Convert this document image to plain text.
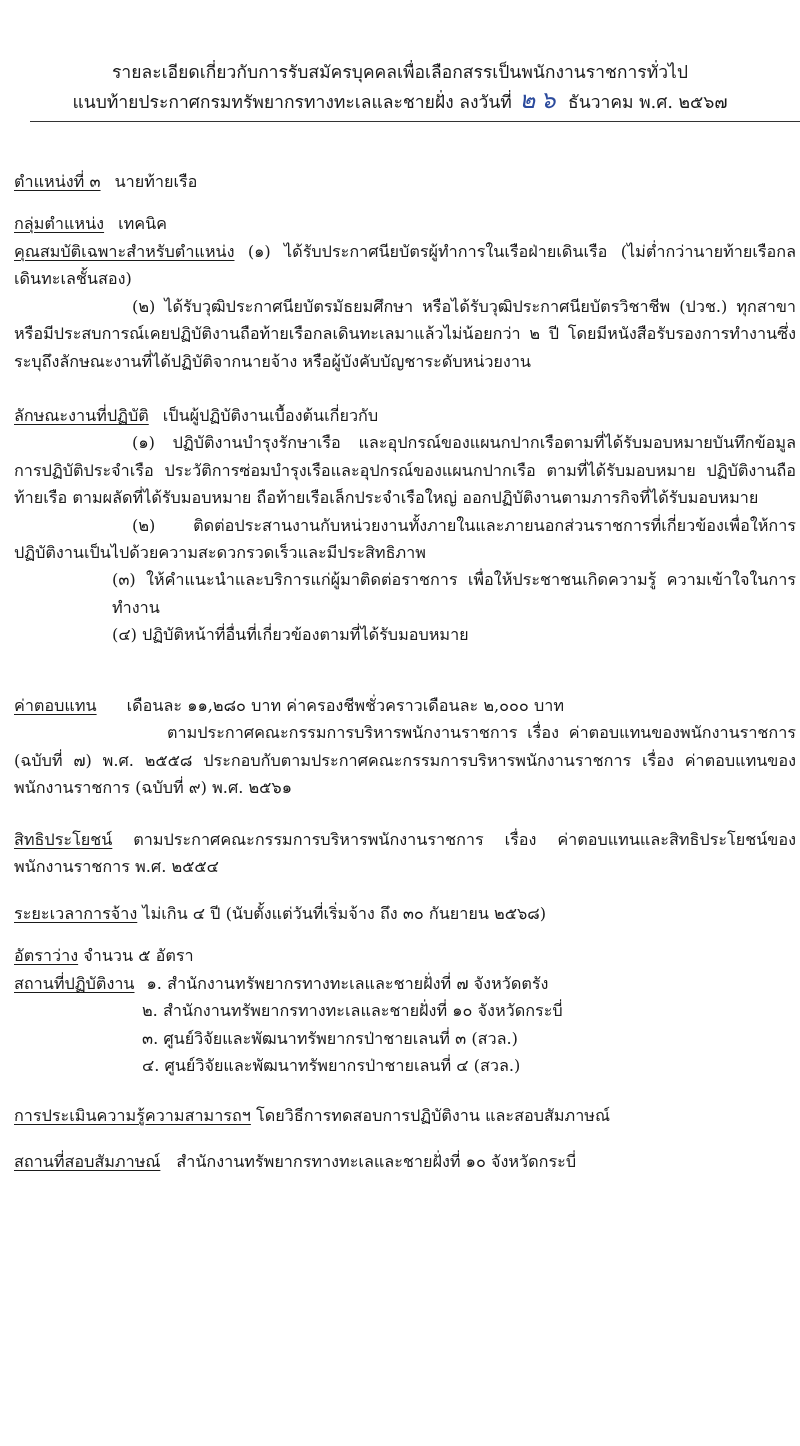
รายละเอียดเกี่ยวกับการรับสมัครบุคคลเพื่อเลือกสรรเป็นพนักงานราชการทั่วไป
แนบท้ายประกาศกรมทรัพยากรทางทะเลและชายฝั่ง ลงวันที่ ๒๖ ธันวาคม พ.ศ. ๒๕๖๗
ตำแหน่งที่ ๓ นายท้ายเรือ
กลุ่มตำแหน่ง เทคนิค

คุณสมบัติเฉพาะสำหรับตำแหน่ง (๑) ได้รับประกาศนียบัตรผู้ทำการในเรือฝ่ายเดินเรือ (ไม่ต่ำกว่านายท้ายเรือกลเดินทะเลชั้นสอง)

(๒) ได้รับวุฒิประกาศนียบัตรมัธยมศึกษา หรือได้รับวุฒิประกาศนียบัตรวิชาชีพ (ปวช.) ทุกสาขา หรือมีประสบการณ์เคยปฏิบัติงานถือท้ายเรือกลเดินทะเลมาแล้วไม่น้อยกว่า ๒ ปี โดยมีหนังสือรับรองการทำงานซึ่งระบุถึงลักษณะงานที่ได้ปฏิบัติจากนายจ้าง หรือผู้บังคับบัญชาระดับหน่วยงาน

ลักษณะงานที่ปฏิบัติ เป็นผู้ปฏิบัติงานเบื้องต้นเกี่ยวกับ

(๑) ปฏิบัติงานบำรุงรักษาเรือ และอุปกรณ์ของแผนกปากเรือตามที่ได้รับมอบหมายบันทึกข้อมูลการปฏิบัติประจำเรือ ประวัติการซ่อมบำรุงเรือและอุปกรณ์ของแผนกปากเรือ ตามที่ได้รับมอบหมาย ปฏิบัติงานถือท้ายเรือ ตามผลัดที่ได้รับมอบหมาย ถือท้ายเรือเล็กประจำเรือใหญ่ ออกปฏิบัติงานตามภารกิจที่ได้รับมอบหมาย

(๒) ติดต่อประสานงานกับหน่วยงานทั้งภายในและภายนอกส่วนราชการที่เกี่ยวข้องเพื่อให้การปฏิบัติงานเป็นไปด้วยความสะดวกรวดเร็วและมีประสิทธิภาพ

(๓) ให้คำแนะนำและบริการแก่ผู้มาติดต่อราชการ เพื่อให้ประชาชนเกิดความรู้ ความเข้าใจในการทำงาน

(๔) ปฏิบัติหน้าที่อื่นที่เกี่ยวข้องตามที่ได้รับมอบหมาย

ค่าตอบแทน เดือนละ ๑๑,๒๘๐ บาท ค่าครองชีพชั่วคราวเดือนละ ๒,๐๐๐ บาท

ตามประกาศคณะกรรมการบริหารพนักงานราชการ เรื่อง ค่าตอบแทนของพนักงานราชการ (ฉบับที่ ๗) พ.ศ. ๒๕๕๘ ประกอบกับตามประกาศคณะกรรมการบริหารพนักงานราชการ เรื่อง ค่าตอบแทนของพนักงานราชการ (ฉบับที่ ๙) พ.ศ. ๒๕๖๑

สิทธิประโยชน์ ตามประกาศคณะกรรมการบริหารพนักงานราชการ เรื่อง ค่าตอบแทนและสิทธิประโยชน์ของพนักงานราชการ พ.ศ. ๒๕๕๔

ระยะเวลาการจ้าง ไม่เกิน ๔ ปี (นับตั้งแต่วันที่เริ่มจ้าง ถึง ๓๐ กันยายน ๒๕๖๘)
อัตราว่าง จำนวน ๕ อัตรา
สถานที่ปฏิบัติงาน ๑. สำนักงานทรัพยากรทางทะเลและชายฝั่งที่ ๗ จังหวัดตรัง
๒. สำนักงานทรัพยากรทางทะเลและชายฝั่งที่ ๑๐ จังหวัดกระบี่
๓. ศูนย์วิจัยและพัฒนาทรัพยากรป่าชายเลนที่ ๓ (สวล.)
๔. ศูนย์วิจัยและพัฒนาทรัพยากรป่าชายเลนที่ ๔ (สวล.)
การประเมินความรู้ความสามารถฯ โดยวิธีการทดสอบการปฏิบัติงาน และสอบสัมภาษณ์
สถานที่สอบสัมภาษณ์ สำนักงานทรัพยากรทางทะเลและชายฝั่งที่ ๑๐ จังหวัดกระบี่
